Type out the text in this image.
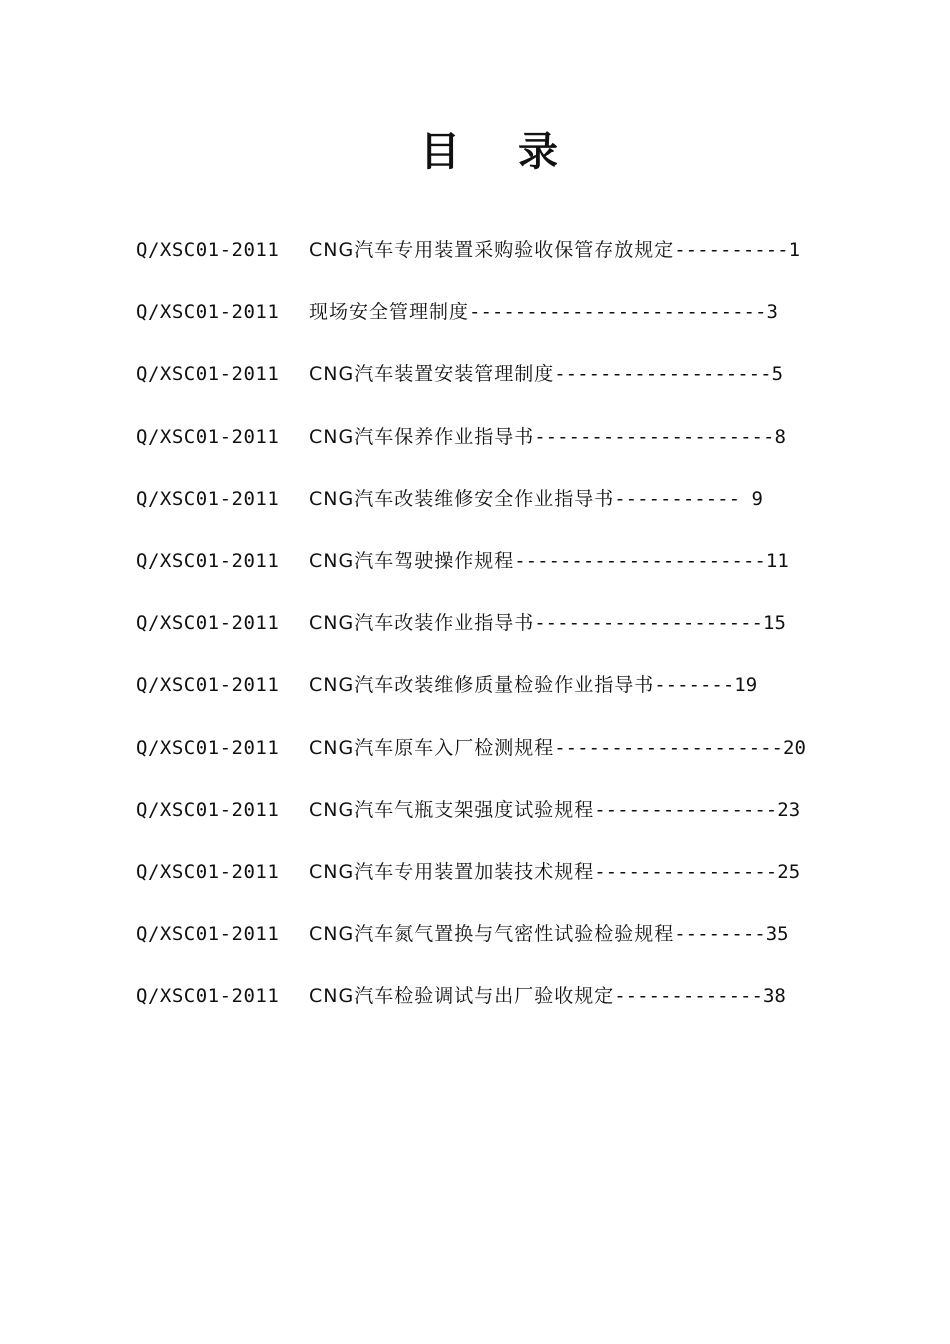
目 录
Q/XSC01-2011 CNG汽车专用装置采购验收保管存放规定----------1
Q/XSC01-2011 现场安全管理制度--------------------------3
Q/XSC01-2011 CNG汽车装置安装管理制度-------------------5
Q/XSC01-2011 CNG汽车保养作业指导书---------------------8
Q/XSC01-2011 CNG汽车改装维修安全作业指导书----------- 9
Q/XSC01-2011 CNG汽车驾驶操作规程----------------------11
Q/XSC01-2011 CNG汽车改装作业指导书--------------------15
Q/XSC01-2011 CNG汽车改装维修质量检验作业指导书-------19
Q/XSC01-2011 CNG汽车原车入厂检测规程--------------------20
Q/XSC01-2011 CNG汽车气瓶支架强度试验规程----------------23
Q/XSC01-2011 CNG汽车专用装置加装技术规程----------------25
Q/XSC01-2011 CNG汽车氮气置换与气密性试验检验规程--------35
Q/XSC01-2011 CNG汽车检验调试与出厂验收规定-------------38
